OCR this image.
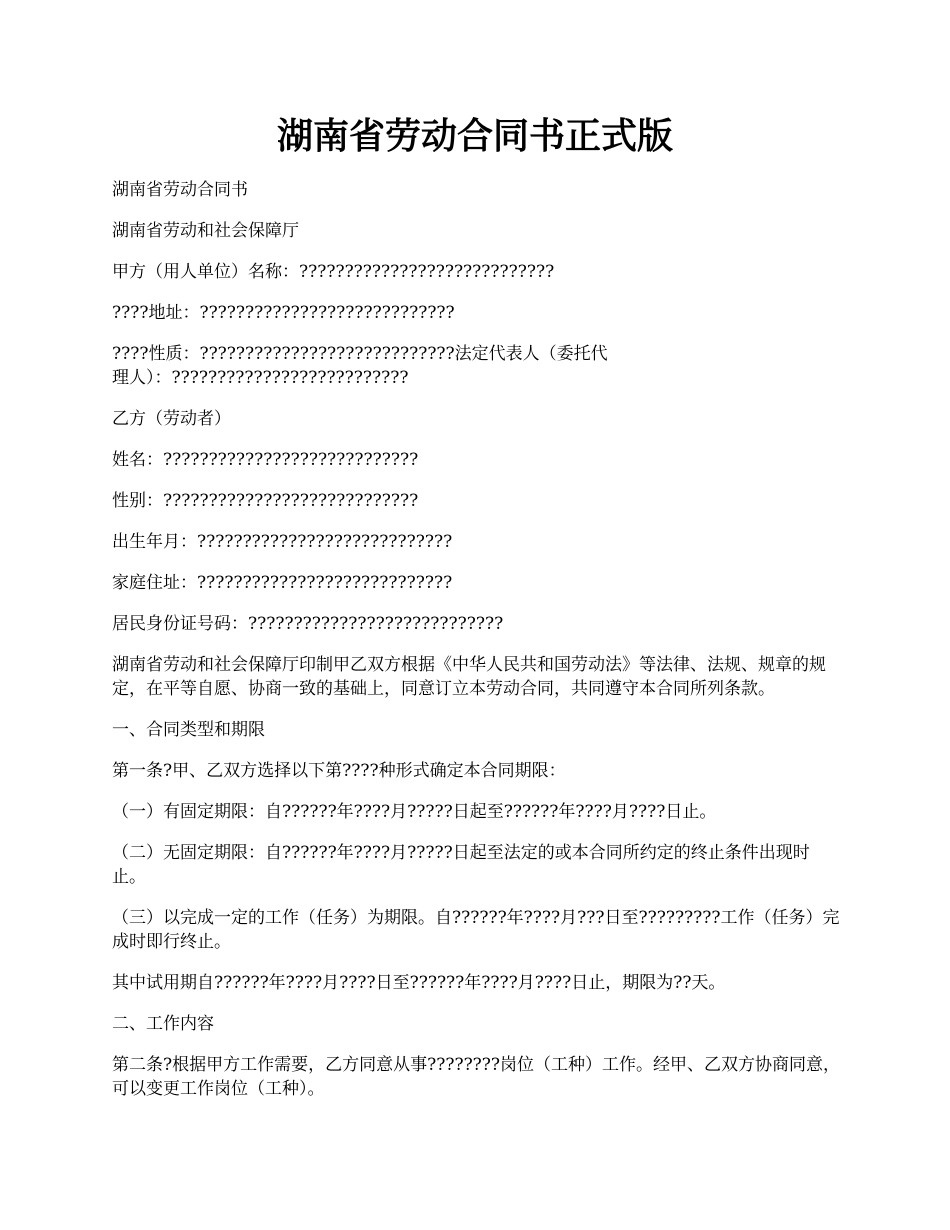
湖南省劳动合同书正式版

湖南省劳动合同书

湖南省劳动和社会保障厅

甲方（用人单位）名称：????????????????????????????

????地址：????????????????????????????

????性质：????????????????????????????法定代表人（委托代理人）：??????????????????????????

乙方（劳动者）

姓名：????????????????????????????

性别：????????????????????????????

出生年月：????????????????????????????

家庭住址：????????????????????????????

居民身份证号码：????????????????????????????

湖南省劳动和社会保障厅印制甲乙双方根据《中华人民共和国劳动法》等法律、法规、规章的规定，在平等自愿、协商一致的基础上，同意订立本劳动合同，共同遵守本合同所列条款。

一、合同类型和期限

第一条?甲、乙双方选择以下第????种形式确定本合同期限：

（一）有固定期限：自??????年????月?????日起至??????年????月????日止。

（二）无固定期限：自??????年????月?????日起至法定的或本合同所约定的终止条件出现时止。

（三）以完成一定的工作（任务）为期限。自??????年????月???日至?????????工作（任务）完成时即行终止。

其中试用期自??????年????月????日至??????年????月????日止，期限为??天。

二、工作内容

第二条?根据甲方工作需要，乙方同意从事????????岗位（工种）工作。经甲、乙双方协商同意，可以变更工作岗位（工种）。
